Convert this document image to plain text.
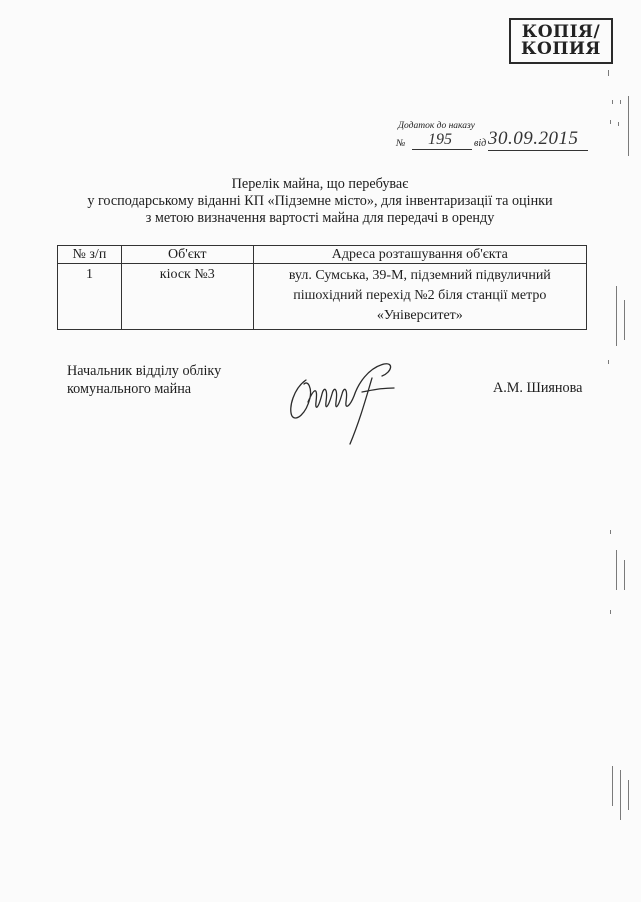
КОПІЯ/
КОПИЯ
Додаток до наказу
№	195	від 30.09.2015
Перелік майна, що перебуває
у господарському віданні КП «Підземне місто», для інвентаризації та оцінки
з метою визначення вартості майна для передачі в оренду
№ з/п	Об'єкт	Адреса розташування об'єкта
1	кіоск №3	вул. Сумська, 39-М, підземний підвуличний
пішохідний перехід №2 біля станції метро
«Університет»
Начальник відділу обліку
комунального майна	А.М. Шиянова
